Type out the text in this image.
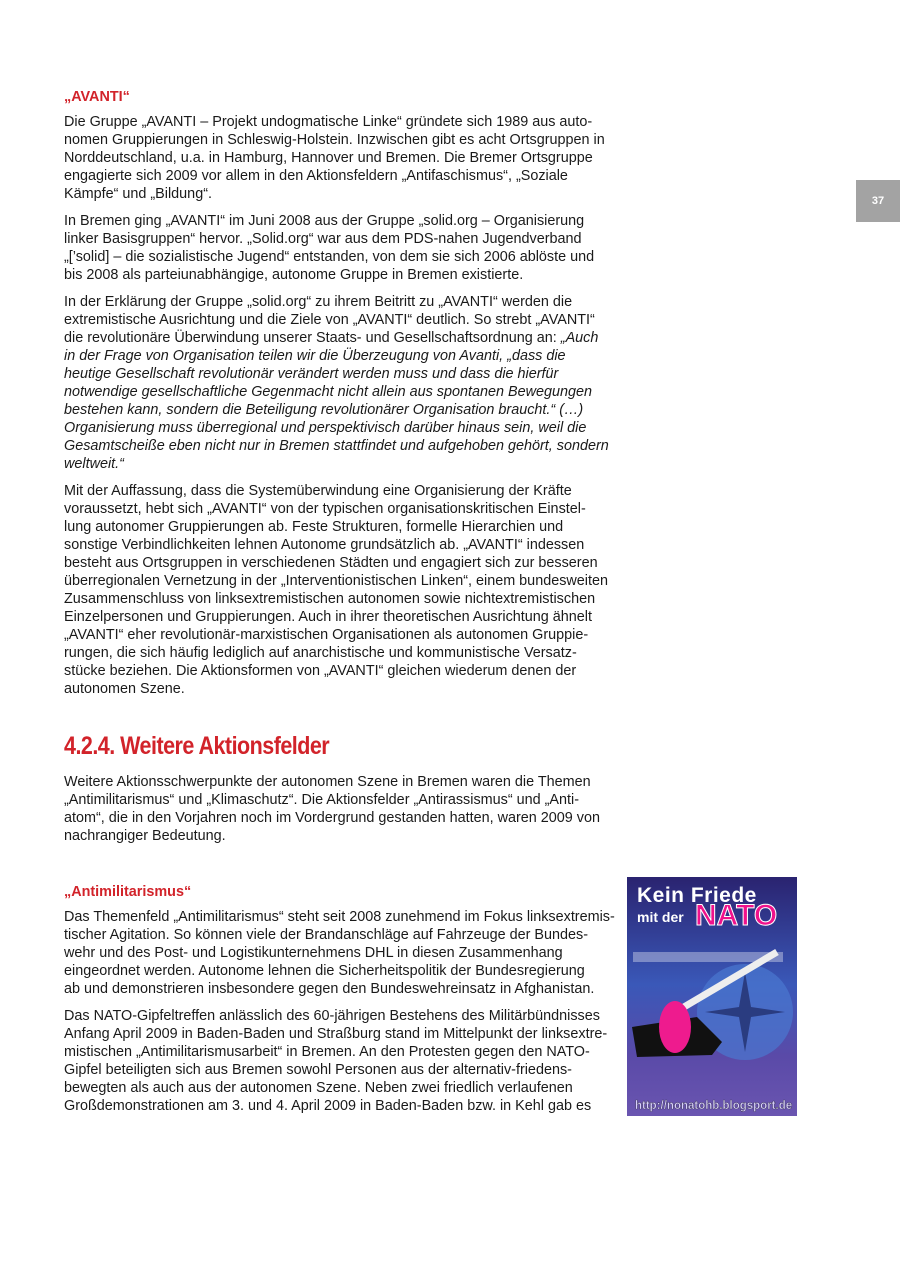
37
„AVANTI“

Die Gruppe „AVANTI – Projekt undogmatische Linke“ gründete sich 1989 aus auto-
nomen Gruppierungen in Schleswig-Holstein. Inzwischen gibt es acht Ortsgruppen in
Norddeutschland, u.a. in Hamburg, Hannover und Bremen. Die Bremer Ortsgruppe
engagierte sich 2009 vor allem in den Aktionsfeldern „Antifaschismus“, „Soziale
Kämpfe“ und „Bildung“.

In Bremen ging „AVANTI“ im Juni 2008 aus der Gruppe „solid.org – Organisierung
linker Basisgruppen“ hervor. „Solid.org“ war aus dem PDS-nahen Jugendverband
„[’solid] – die sozialistische Jugend“ entstanden, von dem sie sich 2006 ablöste und
bis 2008 als parteiunabhängige, autonome Gruppe in Bremen existierte.

In der Erklärung der Gruppe „solid.org“ zu ihrem Beitritt zu „AVANTI“ werden die
extremistische Ausrichtung und die Ziele von „AVANTI“ deutlich. So strebt „AVANTI“
die revolutionäre Überwindung unserer Staats- und Gesellschaftsordnung an: „Auch
in der Frage von Organisation teilen wir die Überzeugung von Avanti, „dass die
heutige Gesellschaft revolutionär verändert werden muss und dass die hierfür
notwendige gesellschaftliche Gegenmacht nicht allein aus spontanen Bewegungen
bestehen kann, sondern die Beteiligung revolutionärer Organisation braucht.“ (…)
Organisierung muss überregional und perspektivisch darüber hinaus sein, weil die
Gesamtscheiße eben nicht nur in Bremen stattfindet und aufgehoben gehört, sondern
weltweit.“

Mit der Auffassung, dass die Systemüberwindung eine Organisierung der Kräfte
voraussetzt, hebt sich „AVANTI“ von der typischen organisationskritischen Einstel-
lung autonomer Gruppierungen ab. Feste Strukturen, formelle Hierarchien und
sonstige Verbindlichkeiten lehnen Autonome grundsätzlich ab. „AVANTI“ indessen
besteht aus Ortsgruppen in verschiedenen Städten und engagiert sich zur besseren
überregionalen Vernetzung in der „Interventionistischen Linken“, einem bundesweiten
Zusammenschluss von linksextremistischen autonomen sowie nichtextremistischen
Einzelpersonen und Gruppierungen. Auch in ihrer theoretischen Ausrichtung ähnelt
„AVANTI“ eher revolutionär-marxistischen Organisationen als autonomen Gruppie-
rungen, die sich häufig lediglich auf anarchistische und kommunistische Versatz-
stücke beziehen. Die Aktionsformen von „AVANTI“ gleichen wiederum denen der
autonomen Szene.

4.2.4. Weitere Aktionsfelder

Weitere Aktionsschwerpunkte der autonomen Szene in Bremen waren die Themen
„Antimilitarismus“ und „Klimaschutz“. Die Aktionsfelder „Antirassismus“ und „Anti-
atom“, die in den Vorjahren noch im Vordergrund gestanden hatten, waren 2009 von
nachrangiger Bedeutung.

„Antimilitarismus“

Das Themenfeld „Antimilitarismus“ steht seit 2008 zunehmend im Fokus linksextremis-
tischer Agitation. So können viele der Brandanschläge auf Fahrzeuge der Bundes-
wehr und des Post- und Logistikunternehmens DHL in diesen Zusammenhang
eingeordnet werden. Autonome lehnen die Sicherheitspolitik der Bundesregierung
ab und demonstrieren insbesondere gegen den Bundeswehreinsatz in Afghanistan.

Das NATO-Gipfeltreffen anlässlich des 60-jährigen Bestehens des Militärbündnisses
Anfang April 2009 in Baden-Baden und Straßburg stand im Mittelpunkt der linksextre-
mistischen „Antimilitarismusarbeit“ in Bremen. An den Protesten gegen den NATO-
Gipfel beteiligten sich aus Bremen sowohl Personen aus der alternativ-friedens-
bewegten als auch aus der autonomen Szene. Neben zwei friedlich verlaufenen
Großdemonstrationen am 3. und 4. April 2009 in Baden-Baden bzw. in Kehl gab es

Kein Friede
mit der NATO
http://nonatohb.blogsport.de
